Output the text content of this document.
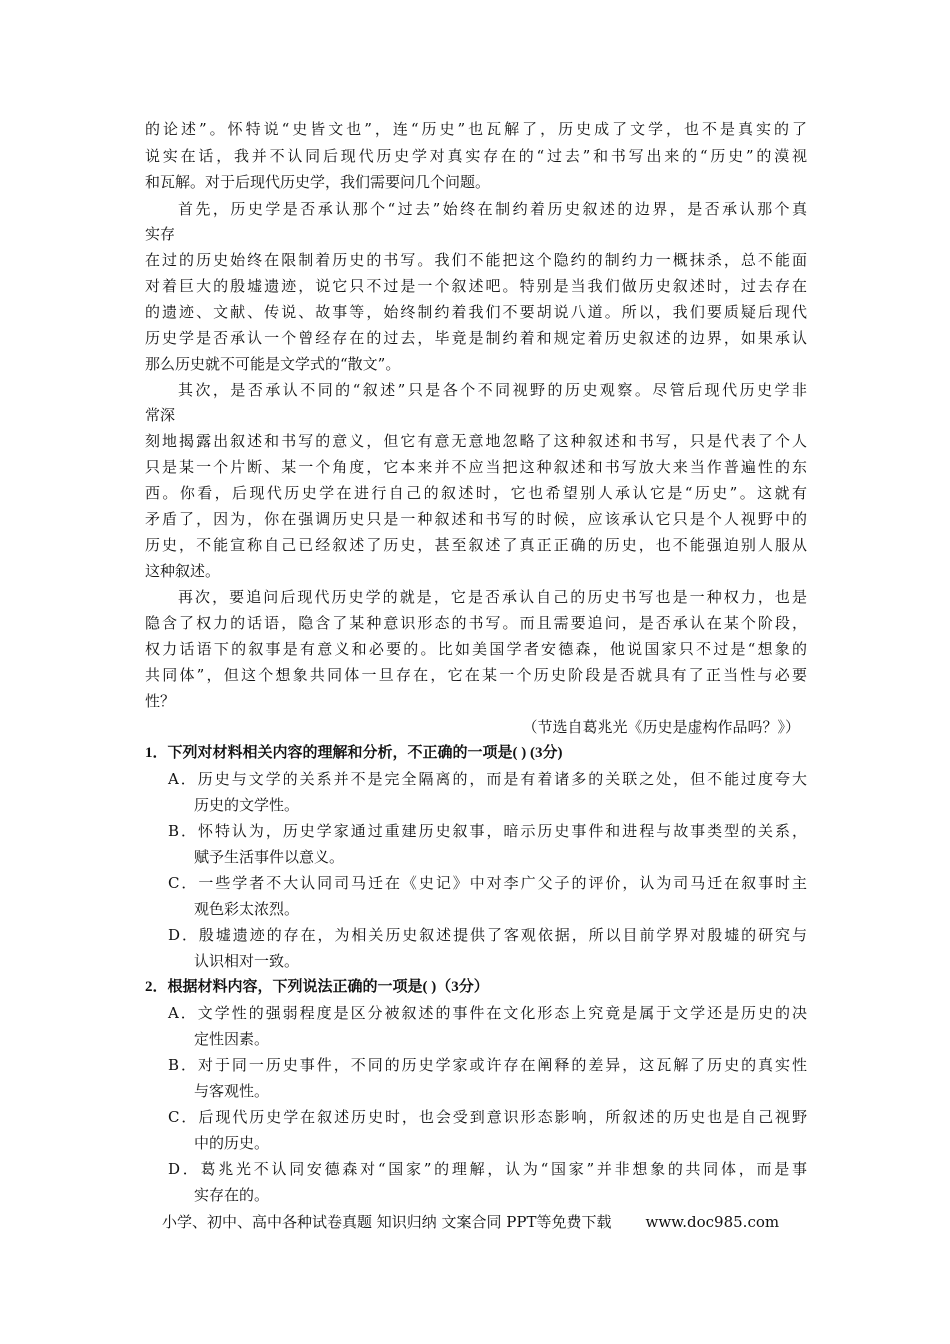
的论述”。怀特说“史皆文也”，连“历史”也瓦解了，历史成了文学，也不是真实的了
说实在话，我并不认同后现代历史学对真实存在的“过去”和书写出来的“历史”的漠视
和瓦解。对于后现代历史学，我们需要问几个问题。
首先，历史学是否承认那个“过去”始终在制约着历史叙述的边界，是否承认那个真
实存
在过的历史始终在限制着历史的书写。我们不能把这个隐约的制约力一概抹杀，总不能面
对着巨大的殷墟遗迹，说它只不过是一个叙述吧。特别是当我们做历史叙述时，过去存在
的遗迹、文献、传说、故事等，始终制约着我们不要胡说八道。所以，我们要质疑后现代
历史学是否承认一个曾经存在的过去，毕竟是制约着和规定着历史叙述的边界，如果承认
那么历史就不可能是文学式的“散文”。
其次，是否承认不同的“叙述”只是各个不同视野的历史观察。尽管后现代历史学非
常深
刻地揭露出叙述和书写的意义，但它有意无意地忽略了这种叙述和书写，只是代表了个人
只是某一个片断、某一个角度，它本来并不应当把这种叙述和书写放大来当作普遍性的东
西。你看，后现代历史学在进行自己的叙述时，它也希望别人承认它是“历史”。这就有
矛盾了，因为，你在强调历史只是一种叙述和书写的时候，应该承认它只是个人视野中的
历史，不能宣称自己已经叙述了历史，甚至叙述了真正正确的历史，也不能强迫别人服从
这种叙述。
再次，要追问后现代历史学的就是，它是否承认自己的历史书写也是一种权力，也是
隐含了权力的话语，隐含了某种意识形态的书写。而且需要追问，是否承认在某个阶段，
权力话语下的叙事是有意义和必要的。比如美国学者安德森，他说国家只不过是“想象的
共同体”，但这个想象共同体一旦存在，它在某一个历史阶段是否就具有了正当性与必要
性？
（节选自葛兆光《历史是虚构作品吗？》）
1．下列对材料相关内容的理解和分析，不正确的一项是( ) (3分)
A．历史与文学的关系并不是完全隔离的，而是有着诸多的关联之处，但不能过度夸大
历史的文学性。
B．怀特认为，历史学家通过重建历史叙事，暗示历史事件和进程与故事类型的关系，
赋予生活事件以意义。
C．一些学者不大认同司马迁在《史记》中对李广父子的评价，认为司马迁在叙事时主
观色彩太浓烈。
D．殷墟遗迹的存在，为相关历史叙述提供了客观依据，所以目前学界对殷墟的研究与
认识相对一致。
2．根据材料内容，下列说法正确的一项是( )（3分）
A．文学性的强弱程度是区分被叙述的事件在文化形态上究竟是属于文学还是历史的决
定性因素。
B．对于同一历史事件，不同的历史学家或许存在阐释的差异，这瓦解了历史的真实性
与客观性。
C．后现代历史学在叙述历史时，也会受到意识形态影响，所叙述的历史也是自己视野
中的历史。
D．葛兆光不认同安德森对“国家”的理解，认为“国家”并非想象的共同体，而是事
实存在的。
小学、初中、高中各种试卷真题 知识归纳 文案合同 PPT等免费下载 www.doc985.com
